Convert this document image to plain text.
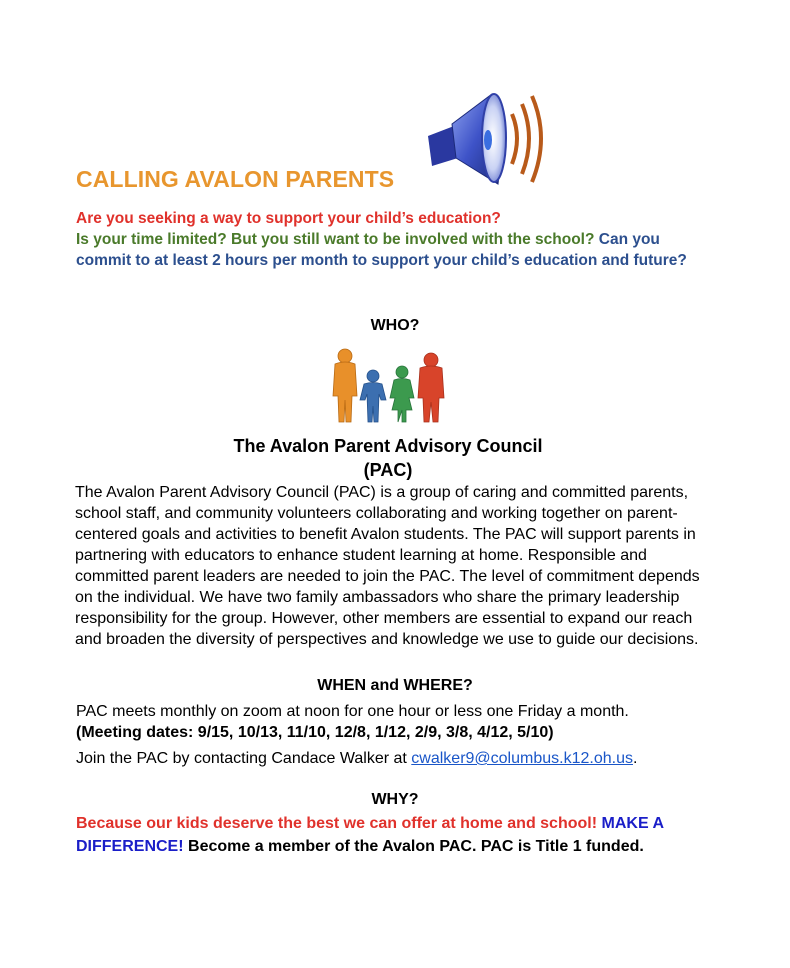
CALLING AVALON PARENTS
Are you seeking a way to support your child’s education?
Is your time limited? But you still want to be involved with the school? Can you commit to at least 2 hours per month to support your child’s education and future?
WHO?
The Avalon Parent Advisory Council
(PAC)
The Avalon Parent Advisory Council (PAC) is a group of caring and committed parents, school staff, and community volunteers collaborating and working together on parent-centered goals and activities to benefit Avalon students. The PAC will support parents in partnering with educators to enhance student learning at home. Responsible and committed parent leaders are needed to join the PAC. The level of commitment depends on the individual. We have two family ambassadors who share the primary leadership responsibility for the group. However, other members are essential to expand our reach and broaden the diversity of perspectives and knowledge we use to guide our decisions.
WHEN and WHERE?
PAC meets monthly on zoom at noon for one hour or less one Friday a month.
(Meeting dates: 9/15, 10/13, 11/10, 12/8, 1/12, 2/9, 3/8, 4/12, 5/10)
Join the PAC by contacting Candace Walker at cwalker9@columbus.k12.oh.us.
WHY?
Because our kids deserve the best we can offer at home and school! MAKE A DIFFERENCE! Become a member of the Avalon PAC. PAC is Title 1 funded.
